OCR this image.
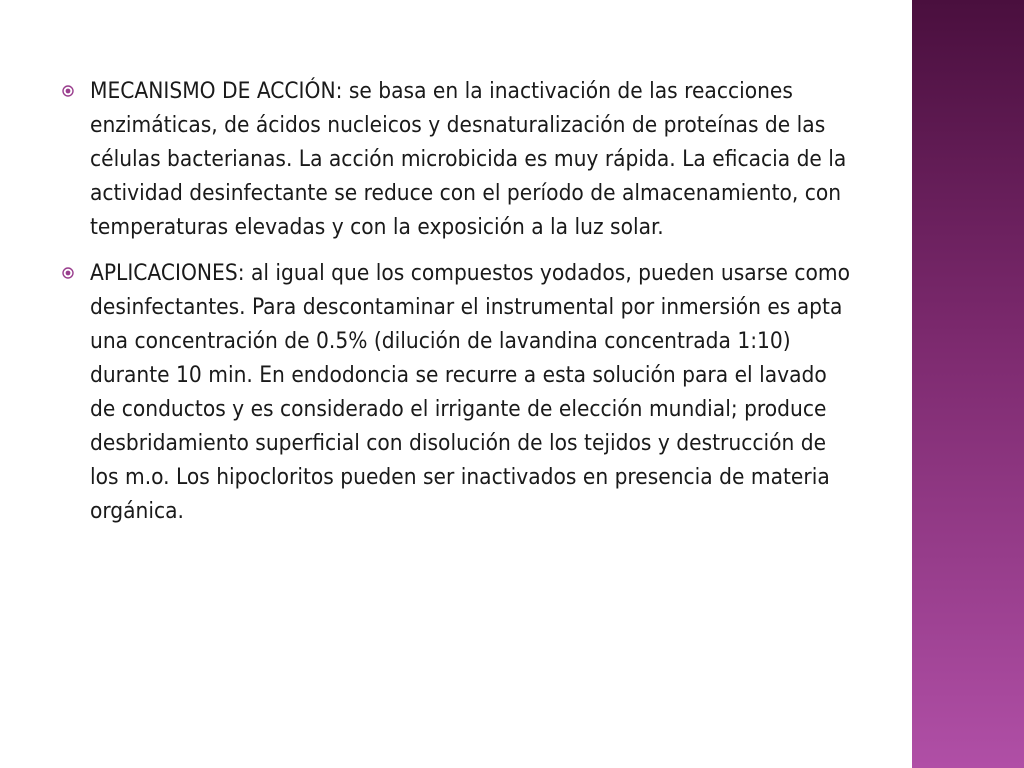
MECANISMO DE ACCIÓN: se basa en la inactivación de las reacciones enzimáticas, de ácidos nucleicos y desnaturalización de proteínas de las células bacterianas. La acción microbicida es muy rápida. La eficacia de la actividad desinfectante se reduce con el período de almacenamiento, con temperaturas elevadas y con la exposición a la luz solar.

APLICACIONES: al igual que los compuestos yodados, pueden usarse como desinfectantes. Para descontaminar el instrumental por inmersión es apta una concentración de 0.5% (dilución de lavandina concentrada 1:10) durante 10 min. En endodoncia se recurre a esta solución para el lavado de conductos y es considerado el irrigante de elección mundial; produce desbridamiento superficial con disolución de los tejidos y destrucción de los m.o. Los hipocloritos pueden ser inactivados en presencia de materia orgánica.
